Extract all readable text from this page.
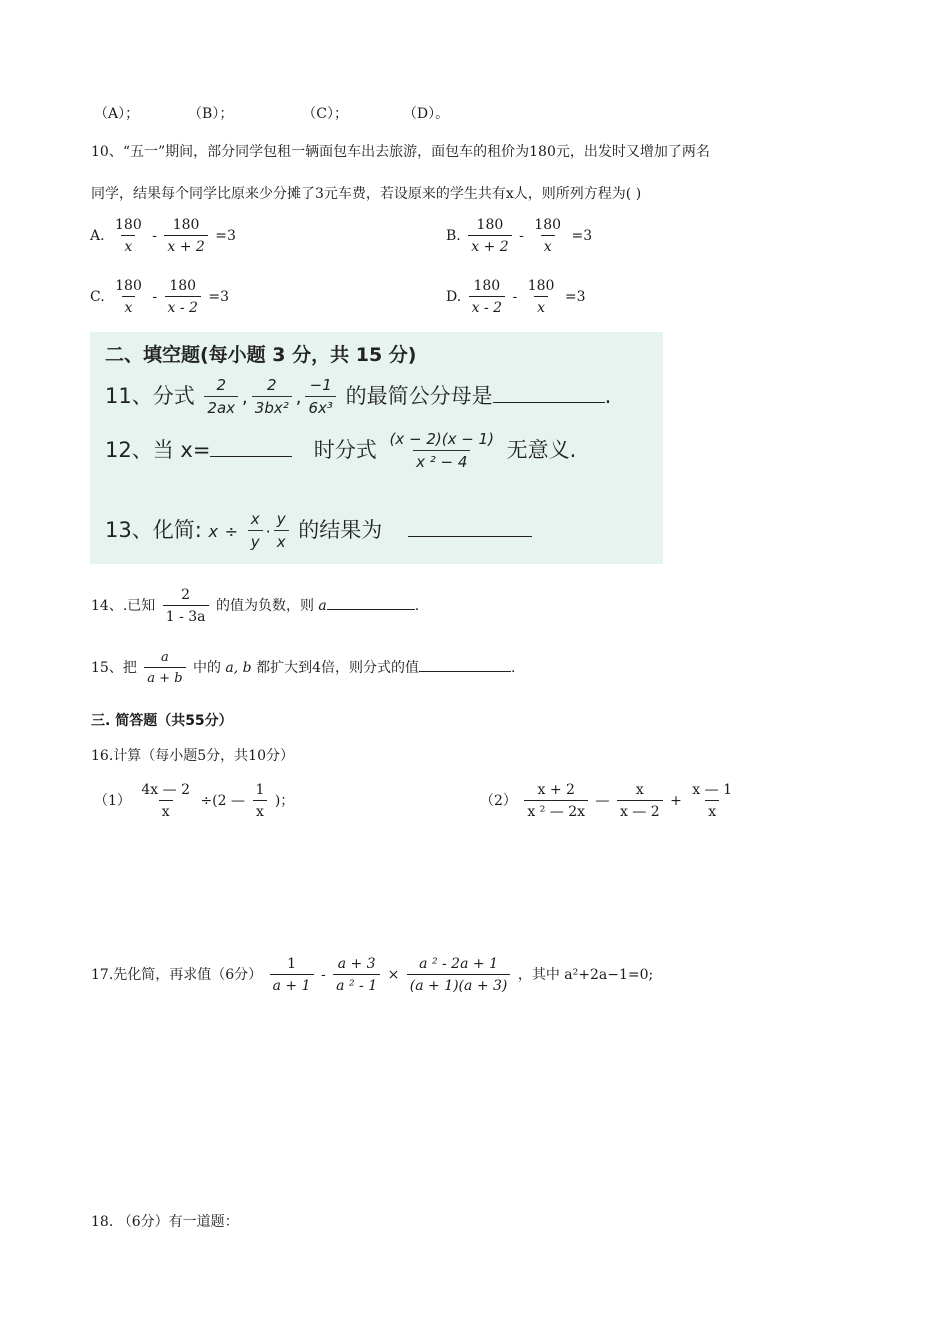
（A）；	（B）；	（C）；	（D）。
10、“五一”期间，部分同学包租一辆面包车出去旅游，面包车的租价为180元，出发时又增加了两名
同学，结果每个同学比原来少分摊了3元车费，若设原来的学生共有x人，则所列方程为( )
A. $\frac{180}{x} - \frac{180}{x + 2} =3$	B. $\frac{180}{x + 2} - \frac{180}{x} =3$
C. $\frac{180}{x} - \frac{180}{x - 2} =3$	D. $\frac{180}{x - 2} - \frac{180}{x} =3$
二、填空题(每小题 3 分，共 15 分)
11、分式 $\frac{2}{2ax}$ , $\frac{2}{\text{3bx²}}$ , $\frac{-1}{\text{6x³}}$ 的最简公分母是	.
12、当 x=	时分式 $\frac{(x - 2)(x - 1)}{\text{x ² − 4}}$ 无意义.
13、化简: $x \div \frac{x}{y} \cdot \frac{y}{x}$ 的结果为
14、.已知 $\frac{2}{1 - 3a}$ 的值为负数，则 a	.
15、把 $\frac{a}{a + b}$ 中的 a, b 都扩大到4倍，则分式的值	.
三. 简答题（共55分）
16.计算（每小题5分，共10分）
$(1) \frac{4x — 2}{x} \div(2$ — $\frac{1}{x}$ )；	$(2) \frac{x + 2}{\text{x ² — 2x}}$ — $\frac{x}{x — 2} + \frac{x — 1}{x}$
17.先化简，再求值（6分） $\frac{1}{a + 1} - \frac{a + 3}{\text{a ² - 1}} \times \frac{\text{a ² - 2a + 1}}{(a + 1)(a + 3)}$ ，其中 a²+2a−1=0;
18. （6分）有一道题：
